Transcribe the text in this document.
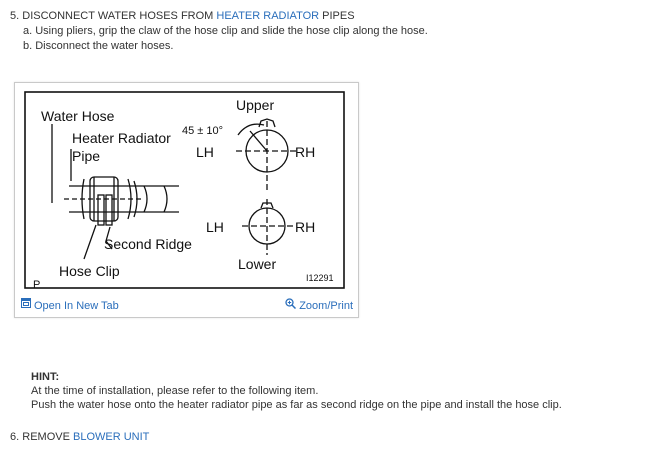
5. DISCONNECT WATER HOSES FROM HEATER RADIATOR PIPES
a. Using pliers, grip the claw of the hose clip and slide the hose clip along the hose.
b. Disconnect the water hoses.
Water Hose
Heater Radiator
Pipe
Second Ridge
Hose Clip
P
Upper
45 ± 10°
LH	RH
LH	RH
Lower
I12291
Open In New Tab	Zoom/Print
HINT:
At the time of installation, please refer to the following item.
Push the water hose onto the heater radiator pipe as far as second ridge on the pipe and install the hose clip.
6. REMOVE BLOWER UNIT
